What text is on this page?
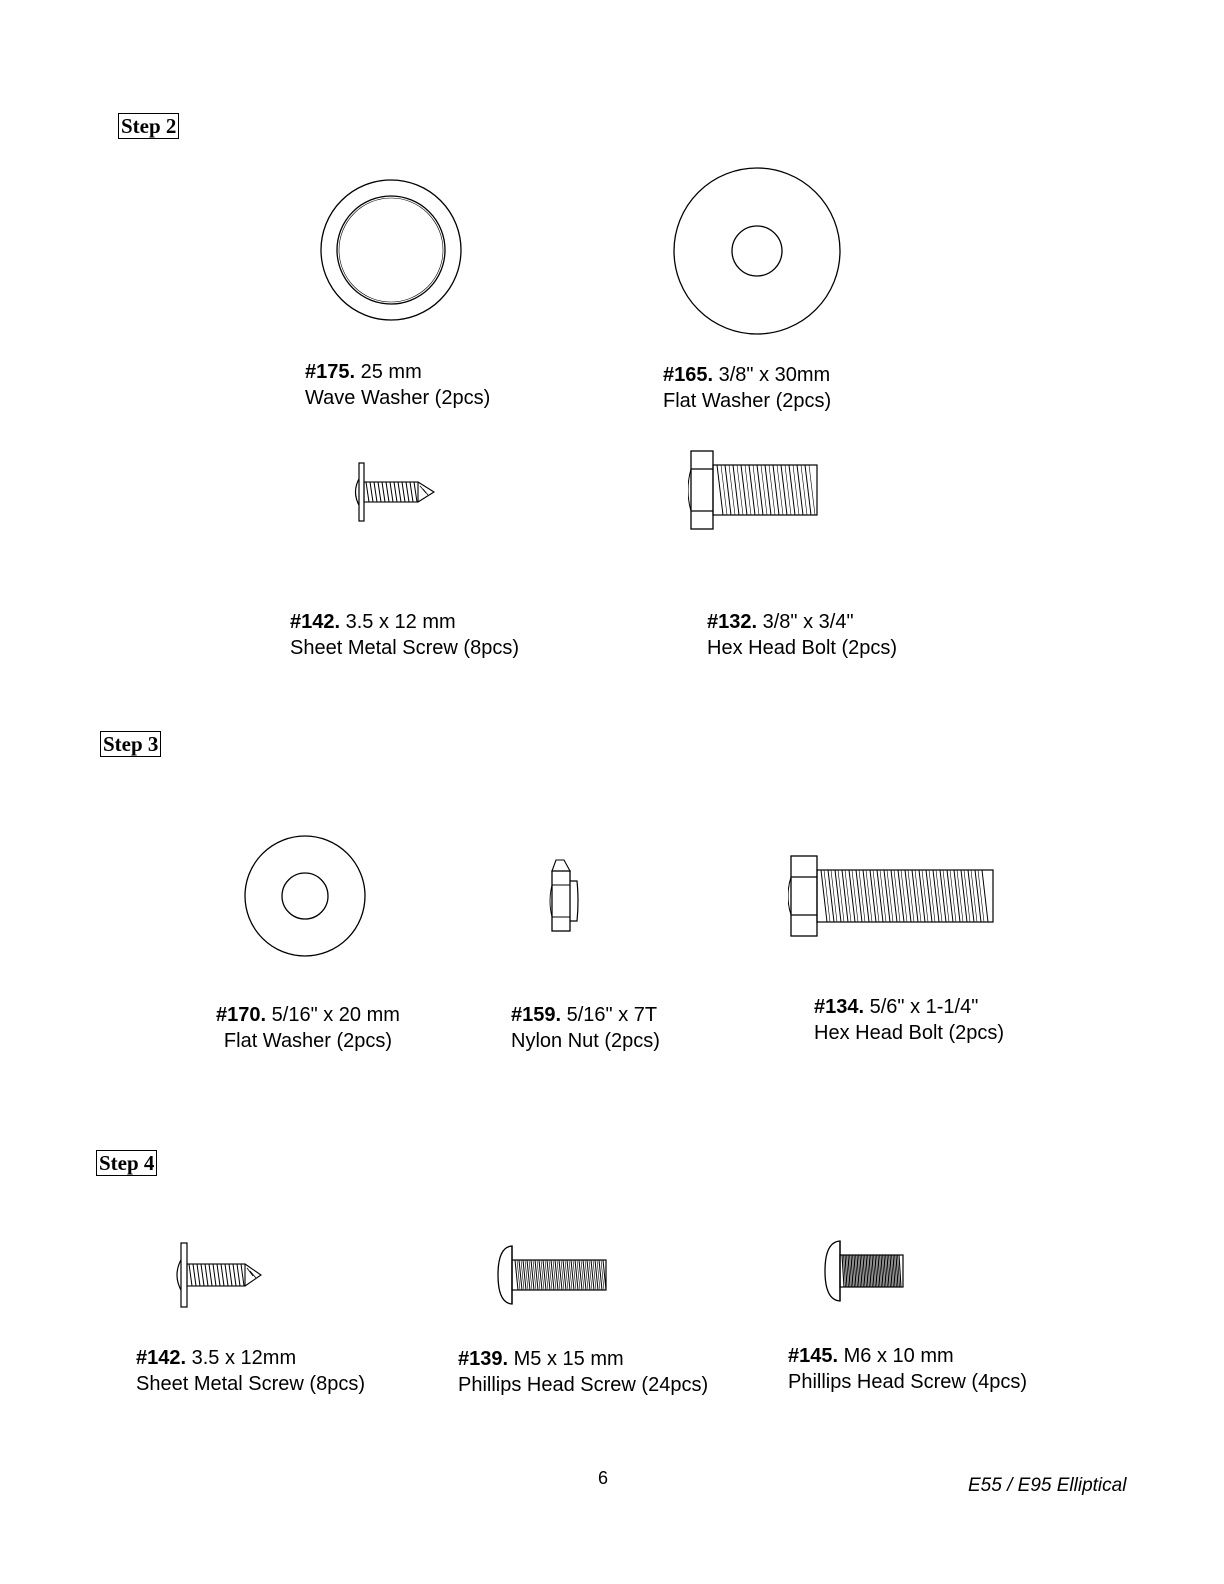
Step 2
#175. 25 mm
Wave Washer (2pcs)
#165. 3/8" x 30mm
Flat Washer (2pcs)
#142. 3.5 x 12 mm
Sheet Metal Screw (8pcs)
#132. 3/8" x 3/4"
Hex Head Bolt (2pcs)
Step 3
#170. 5/16" x 20 mm
Flat Washer (2pcs)
#159. 5/16" x 7T
Nylon Nut (2pcs)
#134. 5/6" x 1-1/4"
Hex Head Bolt (2pcs)
Step 4
#142. 3.5 x 12mm
Sheet Metal Screw (8pcs)
#139. M5 x 15 mm
Phillips Head Screw (24pcs)
#145. M6 x 10 mm
Phillips Head Screw (4pcs)
6	E55 / E95 Elliptical
